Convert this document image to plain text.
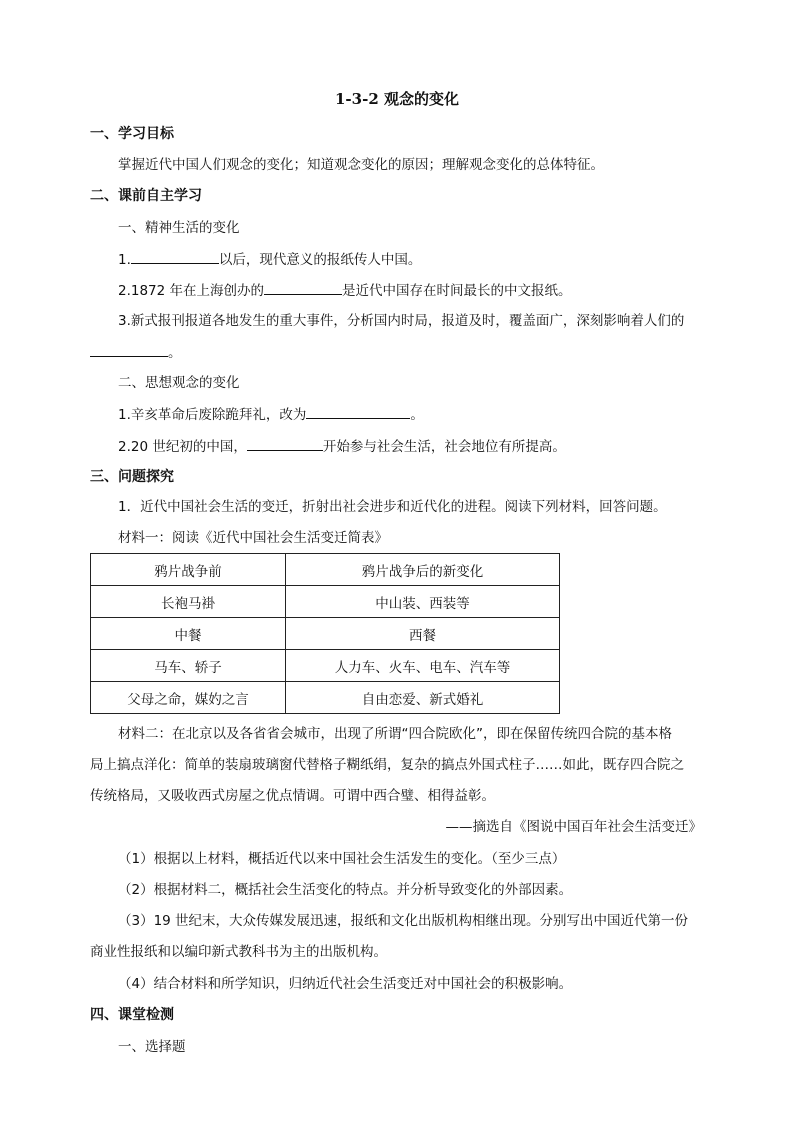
1-3-2 观念的变化
一、学习目标
掌握近代中国人们观念的变化；知道观念变化的原因；理解观念变化的总体特征。
二、课前自主学习
一、精神生活的变化
1.	以后，现代意义的报纸传人中国。
2.1872 年在上海创办的	是近代中国存在时间最长的中文报纸。
3.新式报刊报道各地发生的重大事件，分析国内时局，报道及时，覆盖面广，深刻影响着人们的
。
二、思想观念的变化
1.辛亥革命后废除跪拜礼，改为	。
2.20 世纪初的中国，	开始参与社会生活，社会地位有所提高。
三、问题探究
1．近代中国社会生活的变迁，折射出社会进步和近代化的进程。阅读下列材料，回答问题。
材料一：阅读《近代中国社会生活变迁简表》
鸦片战争前	鸦片战争后的新变化
长袍马褂	中山装、西装等
中餐	西餐
马车、轿子	人力车、火车、电车、汽车等
父母之命，媒妁之言	自由恋爱、新式婚礼
材料二：在北京以及各省省会城市，出现了所谓“四合院欧化”，即在保留传统四合院的基本格
局上搞点洋化：简单的装扇玻璃窗代替格子糊纸绢，复杂的搞点外国式柱子……如此，既存四合院之
传统格局，又吸收西式房屋之优点情调。可谓中西合璧、相得益彰。
——摘选自《图说中国百年社会生活变迁》
（1）根据以上材料，概括近代以来中国社会生活发生的变化。（至少三点）
（2）根据材料二，概括社会生活变化的特点。并分析导致变化的外部因素。
（3）19 世纪末，大众传媒发展迅速，报纸和文化出版机构相继出现。分别写出中国近代第一份
商业性报纸和以编印新式教科书为主的出版机构。
（4）结合材料和所学知识，归纳近代社会生活变迁对中国社会的积极影响。
四、课堂检测
一、选择题
